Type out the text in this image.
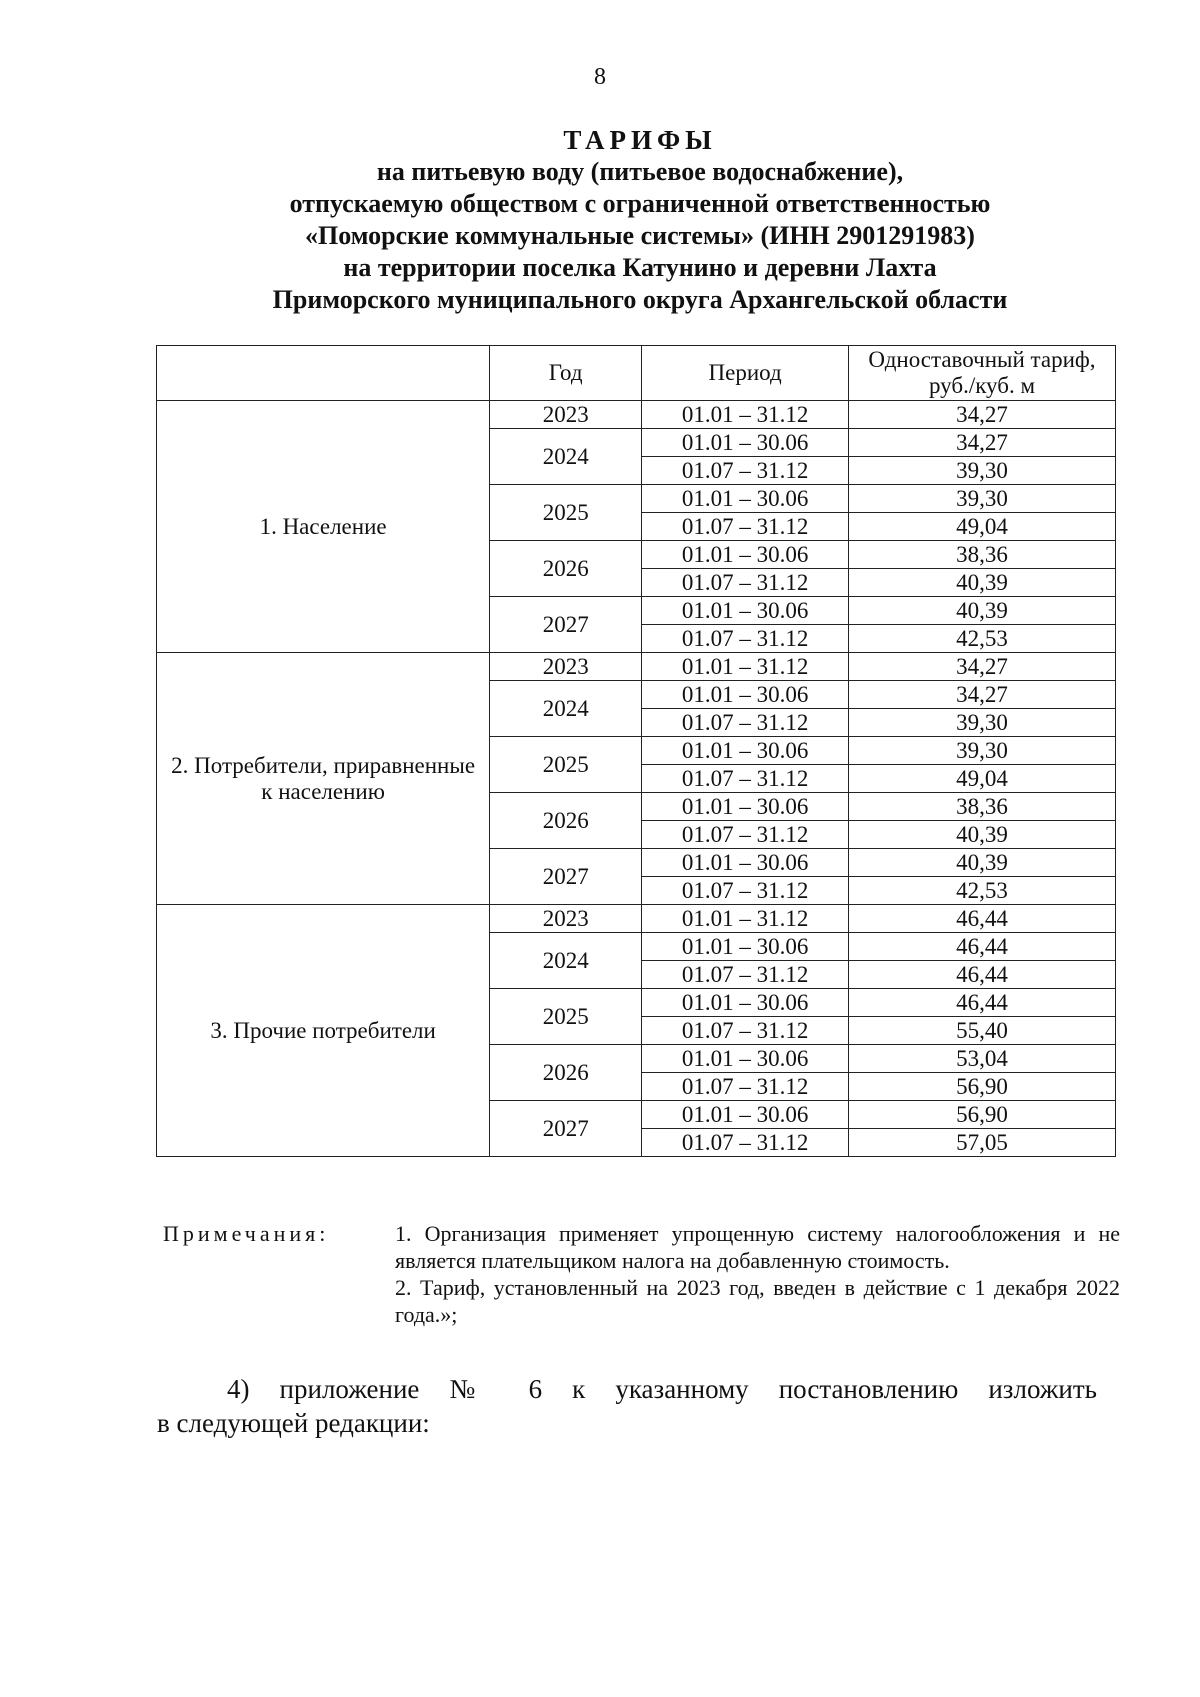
8
ТАРИФЫ
на питьевую воду (питьевое водоснабжение),
отпускаемую обществом с ограниченной ответственностью
«Поморские коммунальные системы» (ИНН 2901291983)
на территории поселка Катунино и деревни Лахта
Приморского муниципального округа Архангельской области
	Год	Период	Одноставочный тариф, руб./куб. м
1. Население	2023	01.01 – 31.12	34,27
	2024	01.01 – 30.06	34,27
		01.07 – 31.12	39,30
	2025	01.01 – 30.06	39,30
		01.07 – 31.12	49,04
	2026	01.01 – 30.06	38,36
		01.07 – 31.12	40,39
	2027	01.01 – 30.06	40,39
		01.07 – 31.12	42,53
2. Потребители, приравненные к населению	2023	01.01 – 31.12	34,27
	2024	01.01 – 30.06	34,27
		01.07 – 31.12	39,30
	2025	01.01 – 30.06	39,30
		01.07 – 31.12	49,04
	2026	01.01 – 30.06	38,36
		01.07 – 31.12	40,39
	2027	01.01 – 30.06	40,39
		01.07 – 31.12	42,53
3. Прочие потребители	2023	01.01 – 31.12	46,44
	2024	01.01 – 30.06	46,44
		01.07 – 31.12	46,44
	2025	01.01 – 30.06	46,44
		01.07 – 31.12	55,40
	2026	01.01 – 30.06	53,04
		01.07 – 31.12	56,90
	2027	01.01 – 30.06	56,90
		01.07 – 31.12	57,05
Примечания:	1. Организация применяет упрощенную систему налогообложения и не является плательщиком налога на добавленную стоимость.

2. Тариф, установленный на 2023 год, введен в действие с 1 декабря 2022 года.»;

4) приложение № 6 к указанному постановлению изложить
в следующей редакции:
